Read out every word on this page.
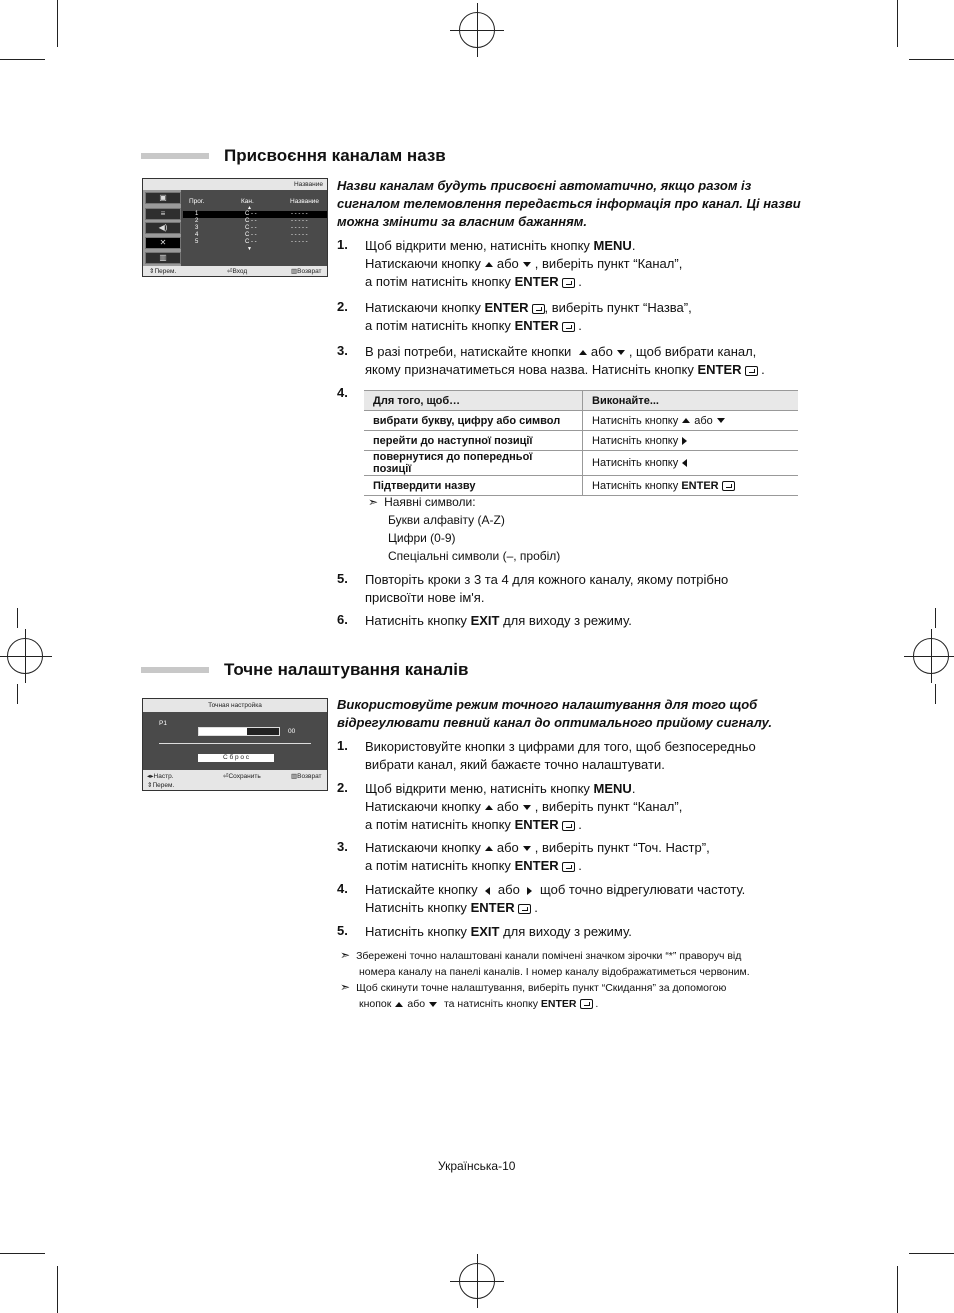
Присвоєння каналам назв
Название
▣
≡
◀)
✕
▥
Прог.	Кан.	Название
▲
1	C - -	- - - - -
2	C - -	- - - - -
3	C - -	- - - - -
4	C - -	- - - - -
5	C - -	- - - - -
▼
⇕Перем.	⏎Вход	▥Возврат
Назви каналам будуть присвоєні автоматично, якщо разом із сигналом телемовлення передається інформація про канал. Ці назви можна змінити за власним бажанням.
1. Щоб відкрити меню, натисніть кнопку MENU.
Натискаючи кнопку або , виберіть пункт “Канал”,
а потім натисніть кнопку ENTER .
2. Натискаючи кнопку ENTER , виберіть пункт “Назва”,
а потім натисніть кнопку ENTER .
3. В разі потреби, натискайте кнопки або , щоб вибрати канал,
якому призначатиметься нова назва. Натисніть кнопку ENTER .
4.
Для того, щоб…	Виконайте...
вибрати букву, цифру або символ	Натисніть кнопку або
перейти до наступної позиції	Натисніть кнопку
повернутися до попередньої позиції	Натисніть кнопку
Підтвердити назву	Натисніть кнопку ENTER
➣ Наявні символи:
Букви алфавіту (A-Z)
Цифри (0-9)
Спеціальні символи (–, пробіл)
5. Повторіть кроки з 3 та 4 для кожного каналу, якому потрібно
присвоїти нове ім'я.
6. Натисніть кнопку EXIT для виходу з режиму.
Точне налаштування каналів
Точная настройка
P1
00
С б р о с
◂▸Настр.
⇕Перем.
⏎Сохранить	▥Возврат
Використовуйте режим точного налаштування для того щоб відрегулювати певний канал до оптимального прийому сигналу.
1. Використовуйте кнопки з цифрами для того, щоб безпосередньо
вибрати канал, який бажаєте точно налаштувати.
2. Щоб відкрити меню, натисніть кнопку MENU.
Натискаючи кнопку або , виберіть пункт “Канал”,
а потім натисніть кнопку ENTER .
3. Натискаючи кнопку або , виберіть пункт “Точ. Настр”,
а потім натисніть кнопку ENTER .
4. Натискайте кнопку або щоб точно відрегулювати частоту.
Натисніть кнопку ENTER .
5. Натисніть кнопку EXIT для виходу з режиму.
➣ Збережені точно налаштовані канали помічені значком зірочки “*” праворуч від
номера каналу на панелі каналів. І номер каналу відображатиметься червоним.
➣ Щоб скинути точне налаштування, виберіть пункт “Скидання” за допомогою
кнопок або та натисніть кнопку ENTER .
Українська-10
